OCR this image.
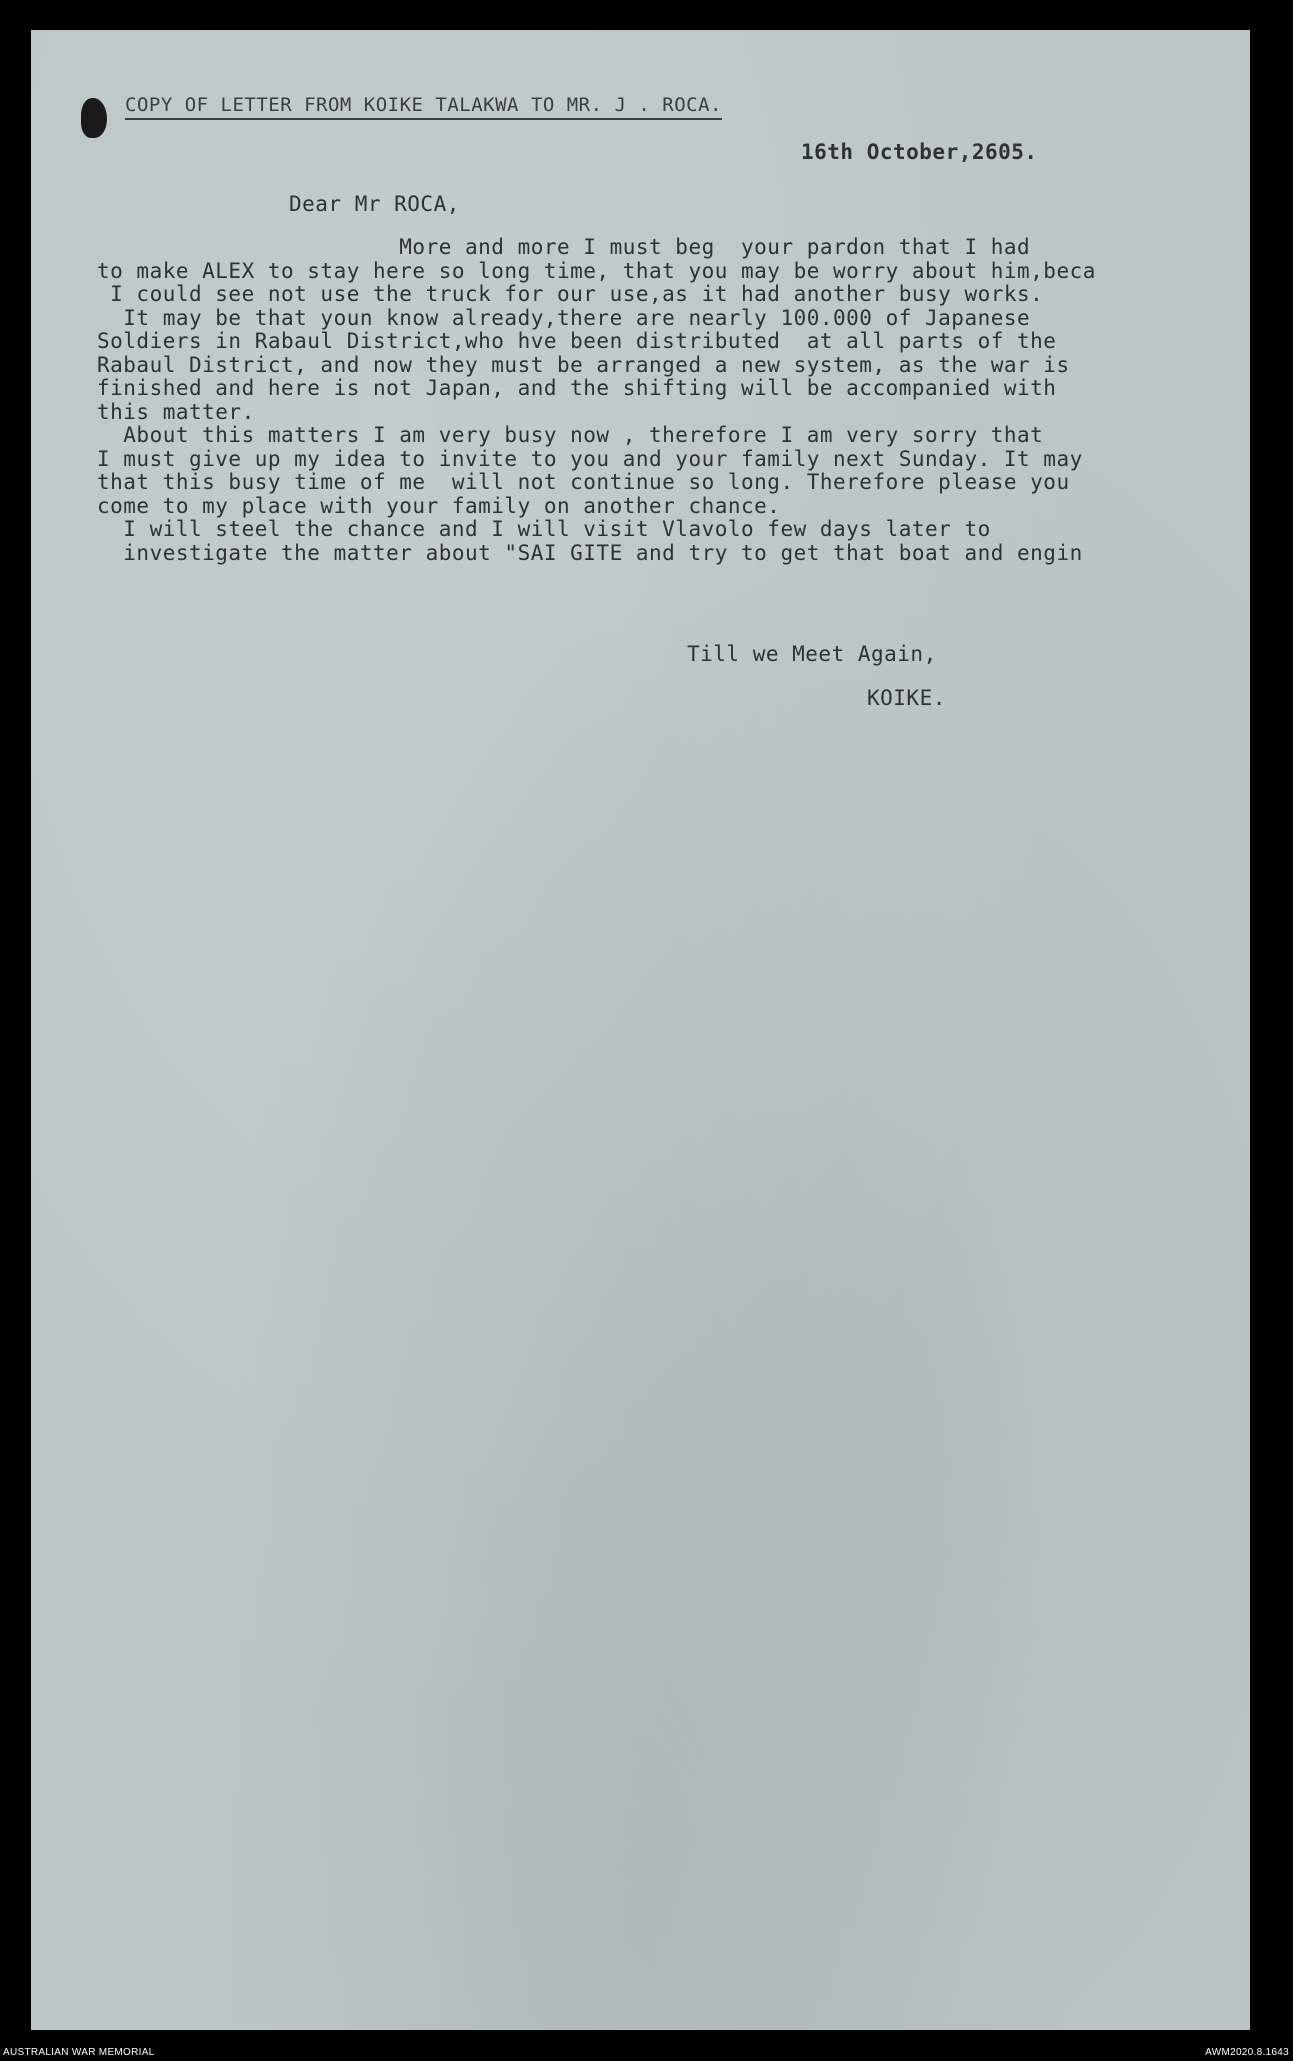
COPY OF LETTER FROM KOIKE TALAKWA TO MR. J . ROCA.
16th October,2605.
Dear Mr ROCA,
More and more I must beg  your pardon that I had
to make ALEX to stay here so long time, that you may be worry about him,beca
I could see not use the truck for our use,as it had another busy works.
It may be that youn know already,there are nearly 100.000 of Japanese
Soldiers in Rabaul District,who hve been distributed  at all parts of the
Rabaul District, and now they must be arranged a new system, as the war is
finished and here is not Japan, and the shifting will be accompanied with
this matter.
About this matters I am very busy now , therefore I am very sorry that
I must give up my idea to invite to you and your family next Sunday. It may
that this busy time of me  will not continue so long. Therefore please you
come to my place with your family on another chance.
I will steel the chance and I will visit Vlavolo few days later to
investigate the matter about "SAI GITE and try to get that boat and engin
Till we Meet Again,
KOIKE.
AUSTRALIAN WAR MEMORIAL	AWM2020.8.1643
